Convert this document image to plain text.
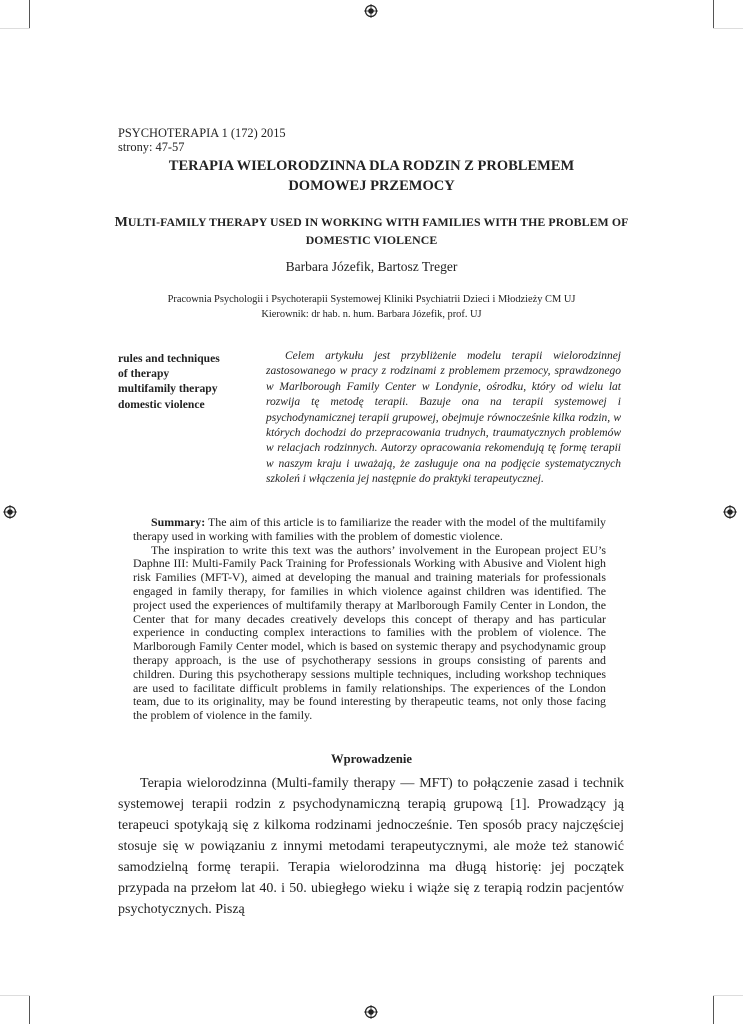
PSYCHOTERAPIA 1 (172) 2015
strony: 47-57
TERAPIA WIELORODZINNA DLA RODZIN Z PROBLEMEM
DOMOWEJ PRZEMOCY
MULTI-FAMILY THERAPY USED IN WORKING WITH FAMILIES WITH THE PROBLEM OF
DOMESTIC VIOLENCE
Barbara Józefik, Bartosz Treger
Pracownia Psychologii i Psychoterapii Systemowej Kliniki Psychiatrii Dzieci i Młodzieży CM UJ
Kierownik: dr hab. n. hum. Barbara Józefik, prof. UJ
rules and techniques
of therapy
multifamily therapy
domestic violence

Celem artykułu jest przybliżenie modelu terapii wielorodzinnej zastosowanego w pracy z rodzinami z problemem przemocy, sprawdzonego w Marlborough Family Center w Londynie, ośrodku, który od wielu lat rozwija tę metodę terapii. Bazuje ona na terapii systemowej i psychodynamicznej terapii grupowej, obejmuje równocześnie kilka rodzin, w których dochodzi do przepracowania trudnych, traumatycznych problemów w relacjach rodzinnych. Autorzy opracowania rekomendują tę formę terapii w naszym kraju i uważają, że zasługuje ona na podjęcie systematycznych szkoleń i włączenia jej następnie do praktyki terapeutycznej.

Summary: The aim of this article is to familiarize the reader with the model of the multifamily therapy used in working with families with the problem of domestic violence.

The inspiration to write this text was the authors’ involvement in the European project EU’s Daphne III: Multi-Family Pack Training for Professionals Working with Abusive and Violent high risk Families (MFT-V), aimed at developing the manual and training materials for professionals engaged in family therapy, for families in which violence against children was identified. The project used the experiences of multifamily therapy at Marlborough Family Center in London, the Center that for many decades creatively develops this concept of therapy and has particular experience in conducting complex interactions to families with the problem of violence. The Marlborough Family Center model, which is based on systemic therapy and psychodynamic group therapy approach, is the use of psychotherapy sessions in groups consisting of parents and children. During this psychotherapy sessions multiple techniques, including workshop techniques are used to facilitate difficult problems in family relationships. The experiences of the London team, due to its originality, may be found interesting by therapeutic teams, not only those facing the problem of violence in the family.

Wprowadzenie

Terapia wielorodzinna (Multi-family therapy — MFT) to połączenie zasad i technik systemowej terapii rodzin z psychodynamiczną terapią grupową [1]. Prowadzący ją terapeuci spotykają się z kilkoma rodzinami jednocześnie. Ten sposób pracy najczęściej stosuje się w powiązaniu z innymi metodami terapeutycznymi, ale może też stanowić samodzielną formę terapii. Terapia wielorodzinna ma długą historię: jej początek przypada na przełom lat 40. i 50. ubiegłego wieku i wiąże się z terapią rodzin pacjentów psychotycznych. Piszą
